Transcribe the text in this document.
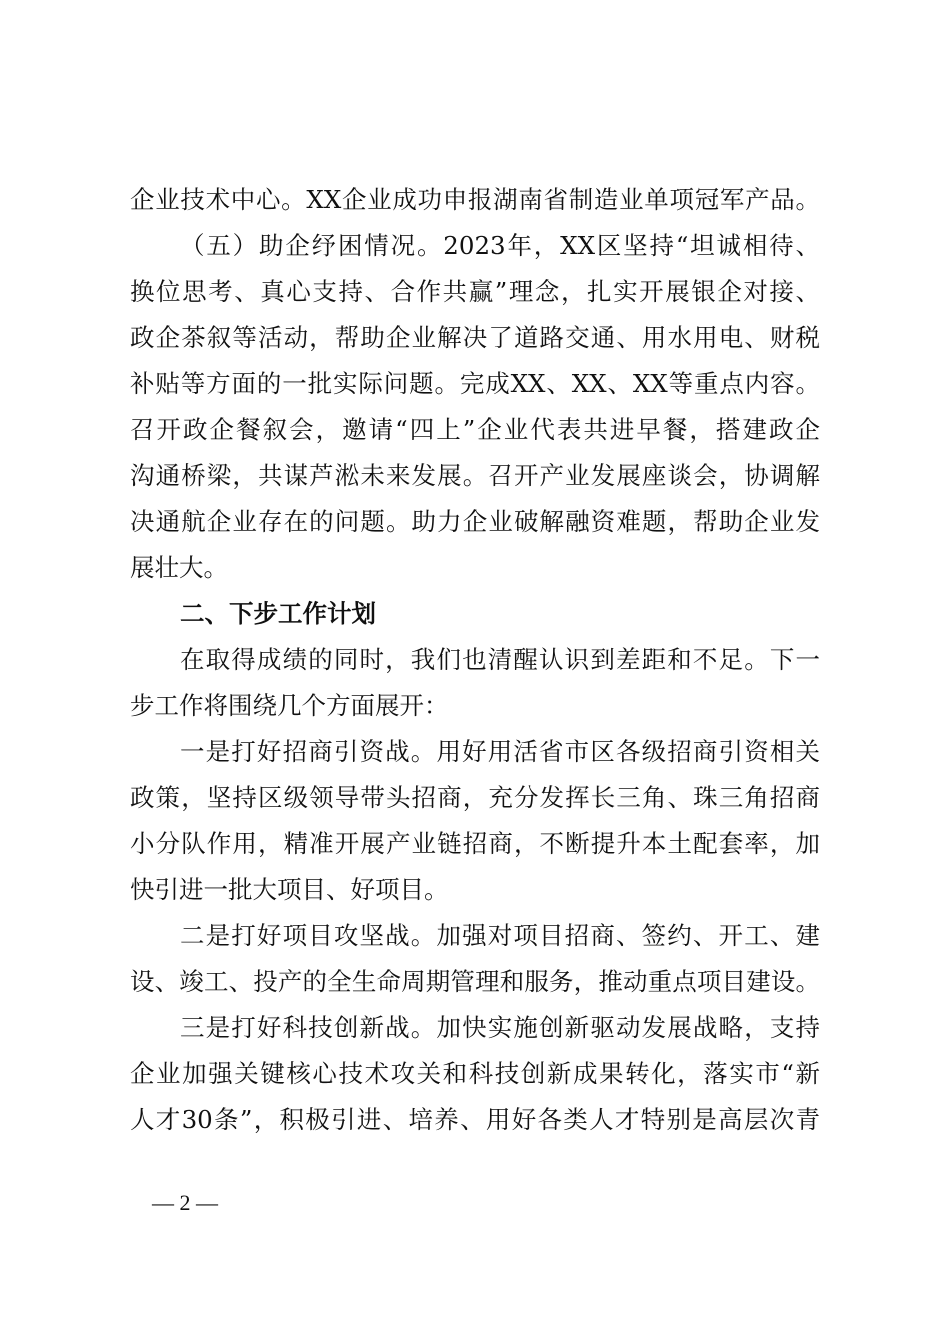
企业技术中心。XX企业成功申报湖南省制造业单项冠军产品。
（五）助企纾困情况。2023年，XX区坚持“坦诚相待、
换位思考、真心支持、合作共赢”理念，扎实开展银企对接、
政企茶叙等活动，帮助企业解决了道路交通、用水用电、财税
补贴等方面的一批实际问题。完成XX、XX、XX等重点内容。
召开政企餐叙会，邀请“四上”企业代表共进早餐，搭建政企
沟通桥梁，共谋芦淞未来发展。召开产业发展座谈会，协调解
决通航企业存在的问题。助力企业破解融资难题，帮助企业发
展壮大。
二、下步工作计划
在取得成绩的同时，我们也清醒认识到差距和不足。下一
步工作将围绕几个方面展开：
一是打好招商引资战。用好用活省市区各级招商引资相关
政策，坚持区级领导带头招商，充分发挥长三角、珠三角招商
小分队作用，精准开展产业链招商，不断提升本土配套率，加
快引进一批大项目、好项目。
二是打好项目攻坚战。加强对项目招商、签约、开工、建
设、竣工、投产的全生命周期管理和服务，推动重点项目建设。
三是打好科技创新战。加快实施创新驱动发展战略，支持
企业加强关键核心技术攻关和科技创新成果转化，落实市“新
人才30条”，积极引进、培养、用好各类人才特别是高层次青
— 2 —
